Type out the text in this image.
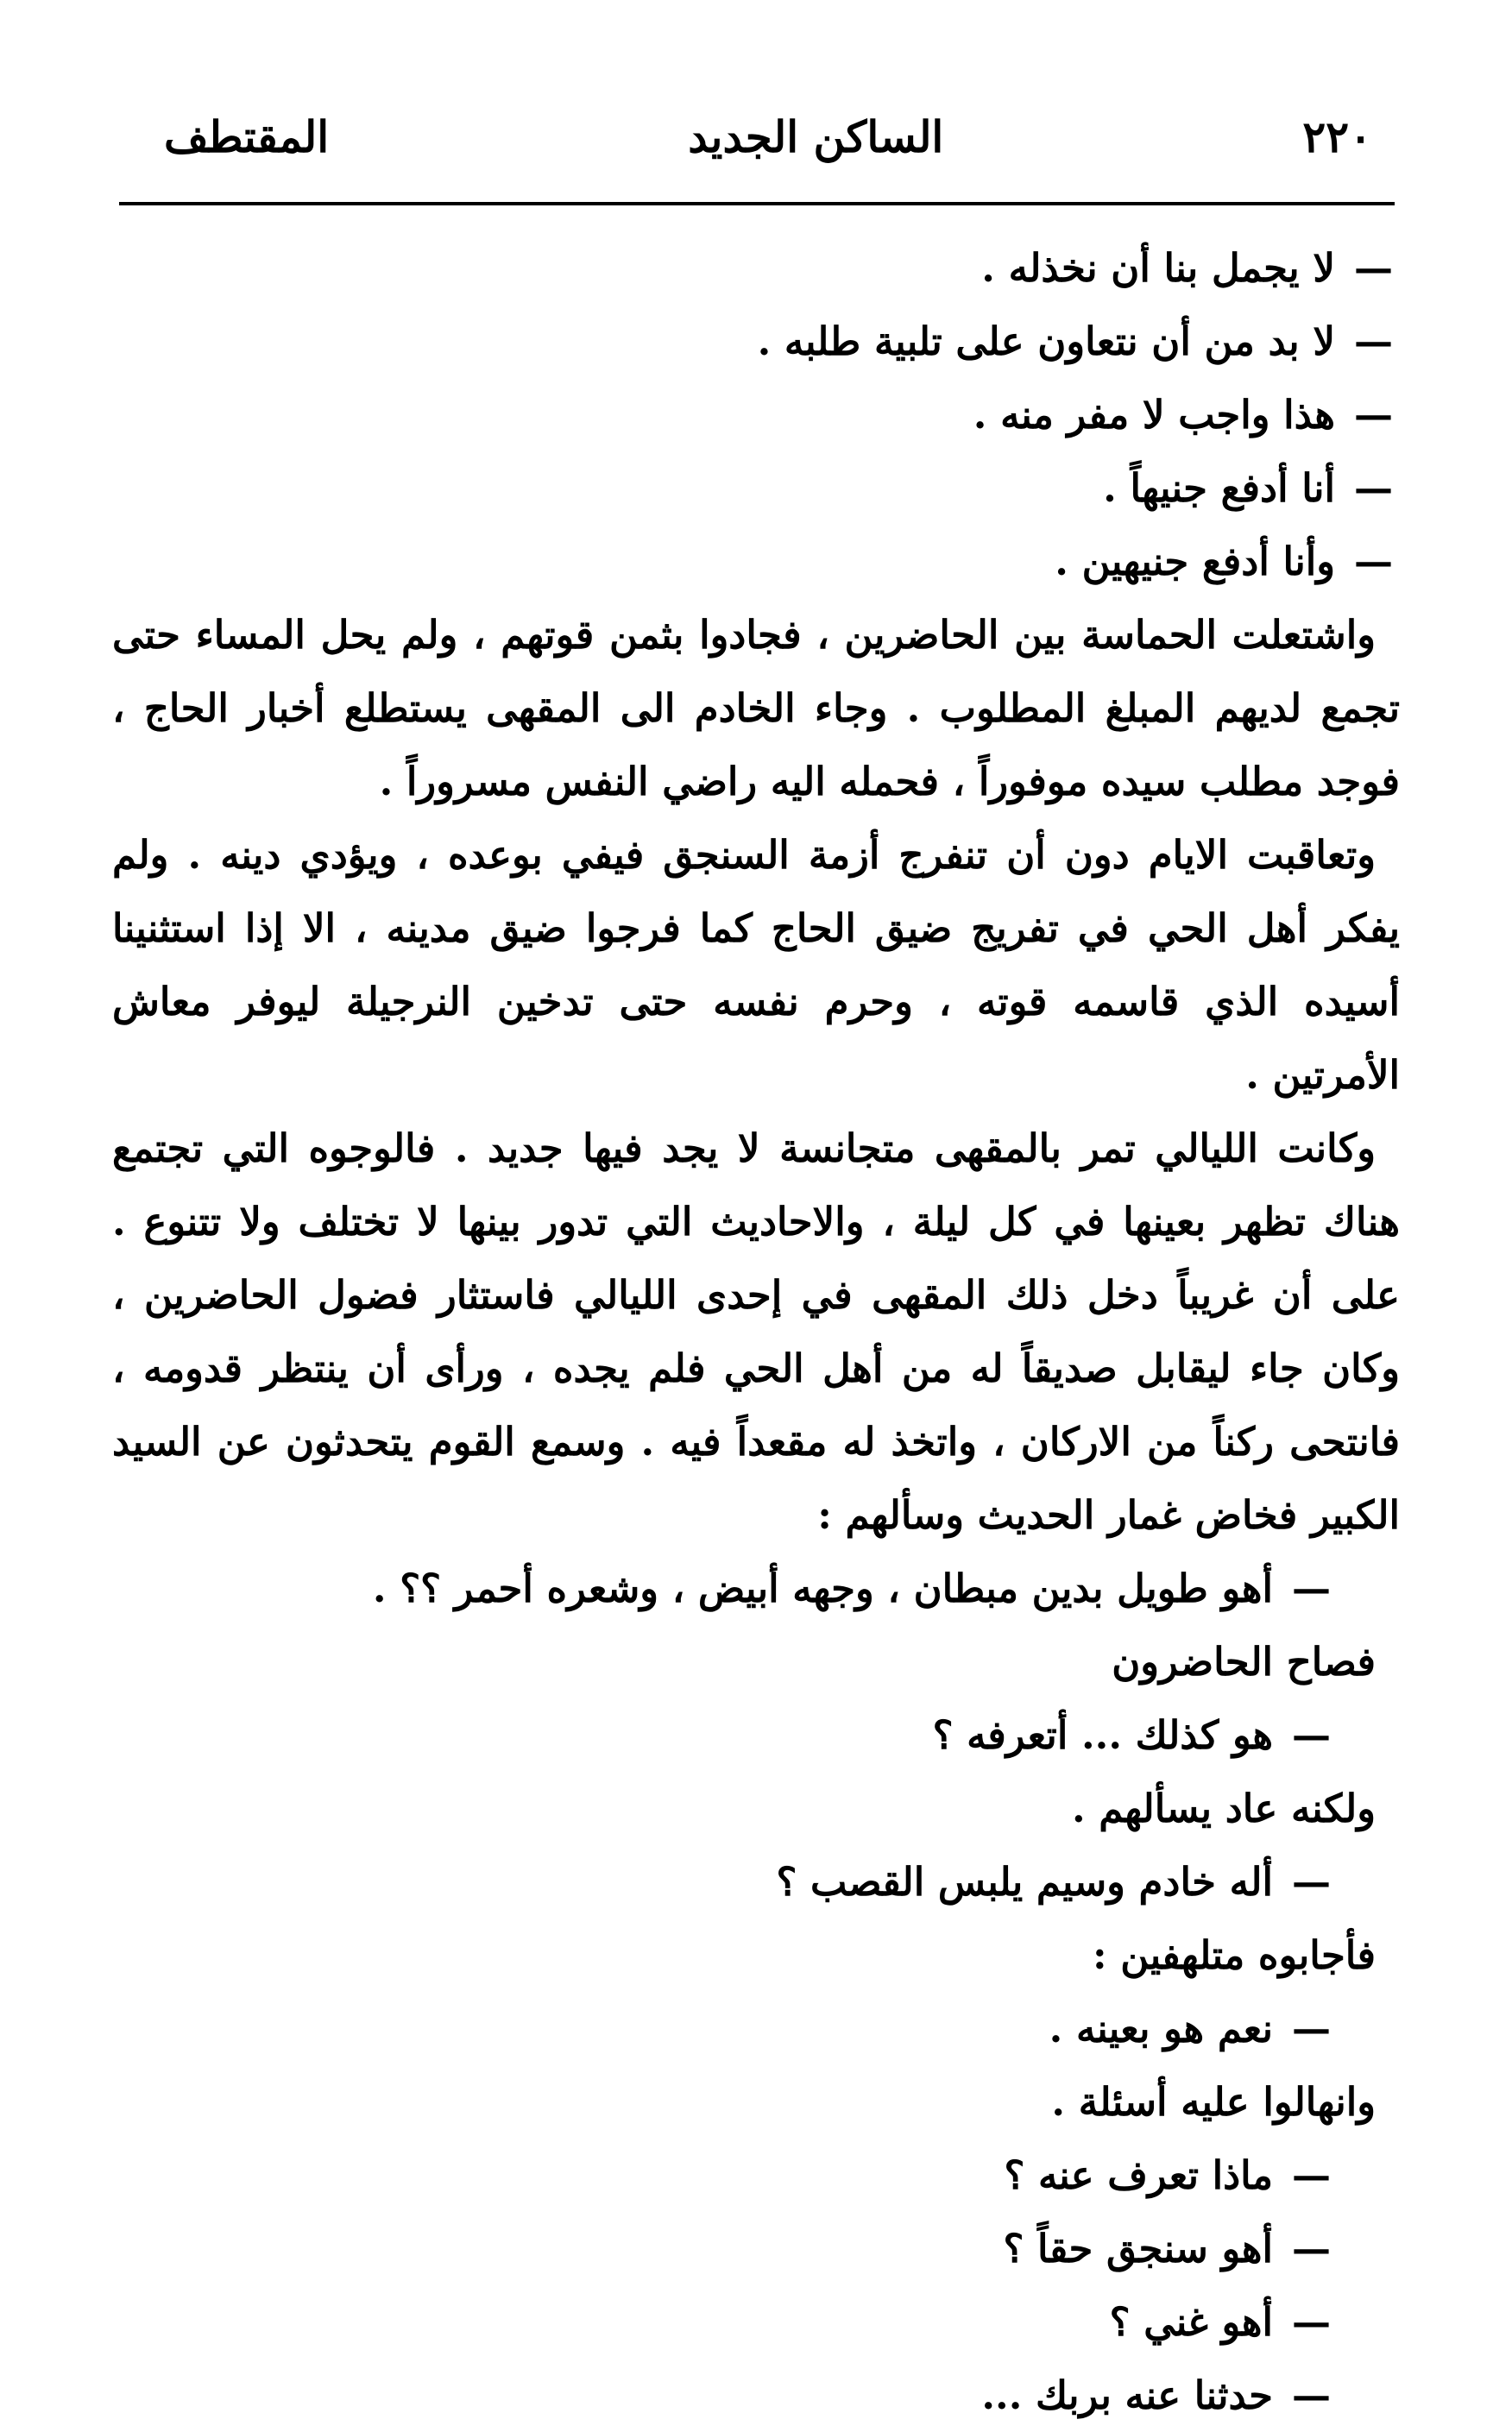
٢٢٠
الساكن الجديد
المقتطف

—لا يجمل بنا أن نخذله .

—لا بد من أن نتعاون على تلبية طلبه .

—هذا واجب لا مفر منه .

—أنا أدفع جنيهاً .

—وأنا أدفع جنيهين .

واشتعلت الحماسة بين الحاضرين ، فجادوا بثمن قوتهم ، ولم يحل المساء حتى تجمع لديهم المبلغ المطلوب . وجاء الخادم الى المقهى يستطلع أخبار الحاج ، فوجد مطلب سيده موفوراً ، فحمله اليه راضي النفس مسروراً .

وتعاقبت الايام دون أن تنفرج أزمة السنجق فيفي بوعده ، ويؤدي دينه . ولم يفكر أهل الحي في تفريج ضيق الحاج كما فرجوا ضيق مدينه ، الا إذا استثنينا أسيده الذي قاسمه قوته ، وحرم نفسه حتى تدخين النرجيلة ليوفر معاش الأمرتين .

وكانت الليالي تمر بالمقهى متجانسة لا يجد فيها جديد . فالوجوه التي تجتمع هناك تظهر بعينها في كل ليلة ، والاحاديث التي تدور بينها لا تختلف ولا تتنوع . على أن غريباً دخل ذلك المقهى في إحدى الليالي فاستثار فضول الحاضرين ، وكان جاء ليقابل صديقاً له من أهل الحي فلم يجده ، ورأى أن ينتظر قدومه ، فانتحى ركناً من الاركان ، واتخذ له مقعداً فيه . وسمع القوم يتحدثون عن السيد الكبير فخاض غمار الحديث وسألهم :

—أهو طويل بدين مبطان ، وجهه أبيض ، وشعره أحمر ؟؟ .

فصاح الحاضرون

—هو كذلك ... أتعرفه ؟

ولكنه عاد يسألهم .

—أله خادم وسيم يلبس القصب ؟

فأجابوه متلهفين :

—نعم هو بعينه .

وانهالوا عليه أسئلة .

—ماذا تعرف عنه ؟

—أهو سنجق حقاً ؟

—أهو غني ؟

—حدثنا عنه بربك ...
